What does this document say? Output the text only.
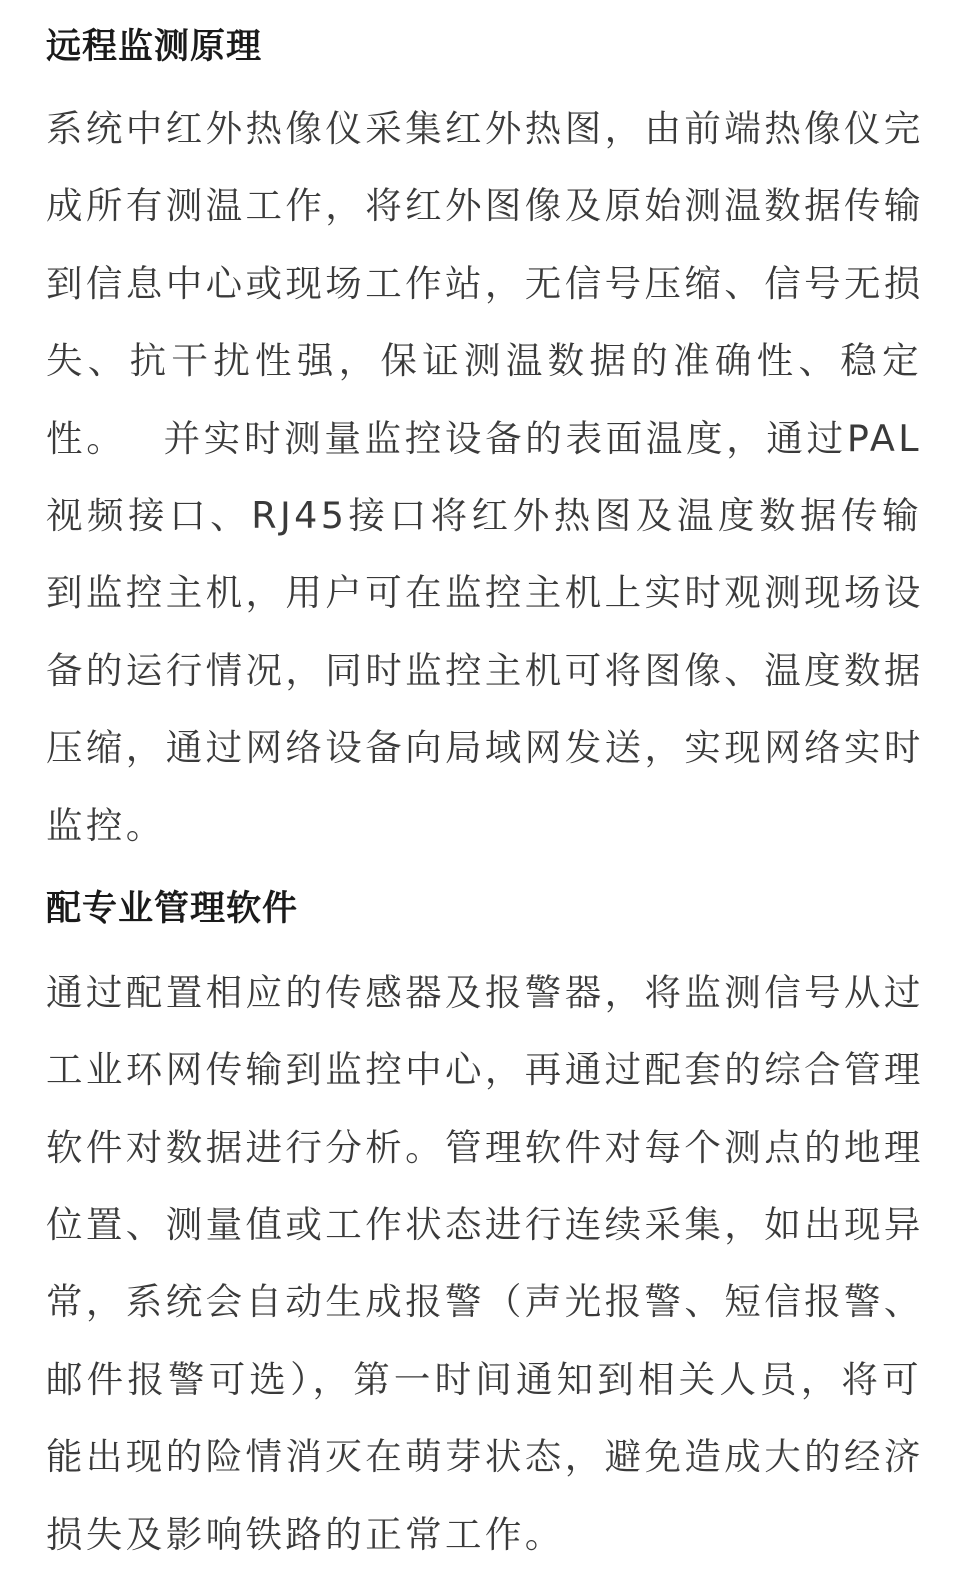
远程监测原理

系统中红外热像仪采集红外热图，由前端热像仪完
成所有测温工作，将红外图像及原始测温数据传输
到信息中心或现场工作站，无信号压缩、信号无损
失、抗干扰性强，保证测温数据的准确性、稳定
性。　 并实时测量监控设备的表面温度，通过PAL
视频接口、RJ45接口将红外热图及温度数据传输
到监控主机，用户可在监控主机上实时观测现场设
备的运行情况，同时监控主机可将图像、温度数据
压缩，通过网络设备向局域网发送，实现网络实时
监控。

配专业管理软件

通过配置相应的传感器及报警器，将监测信号从过
工业环网传输到监控中心，再通过配套的综合管理
软件对数据进行分析。管理软件对每个测点的地理
位置、测量值或工作状态进行连续采集，如出现异
常，系统会自动生成报警（声光报警、短信报警、
邮件报警可选），第一时间通知到相关人员，将可
能出现的险情消灭在萌芽状态，避免造成大的经济
损失及影响铁路的正常工作。
